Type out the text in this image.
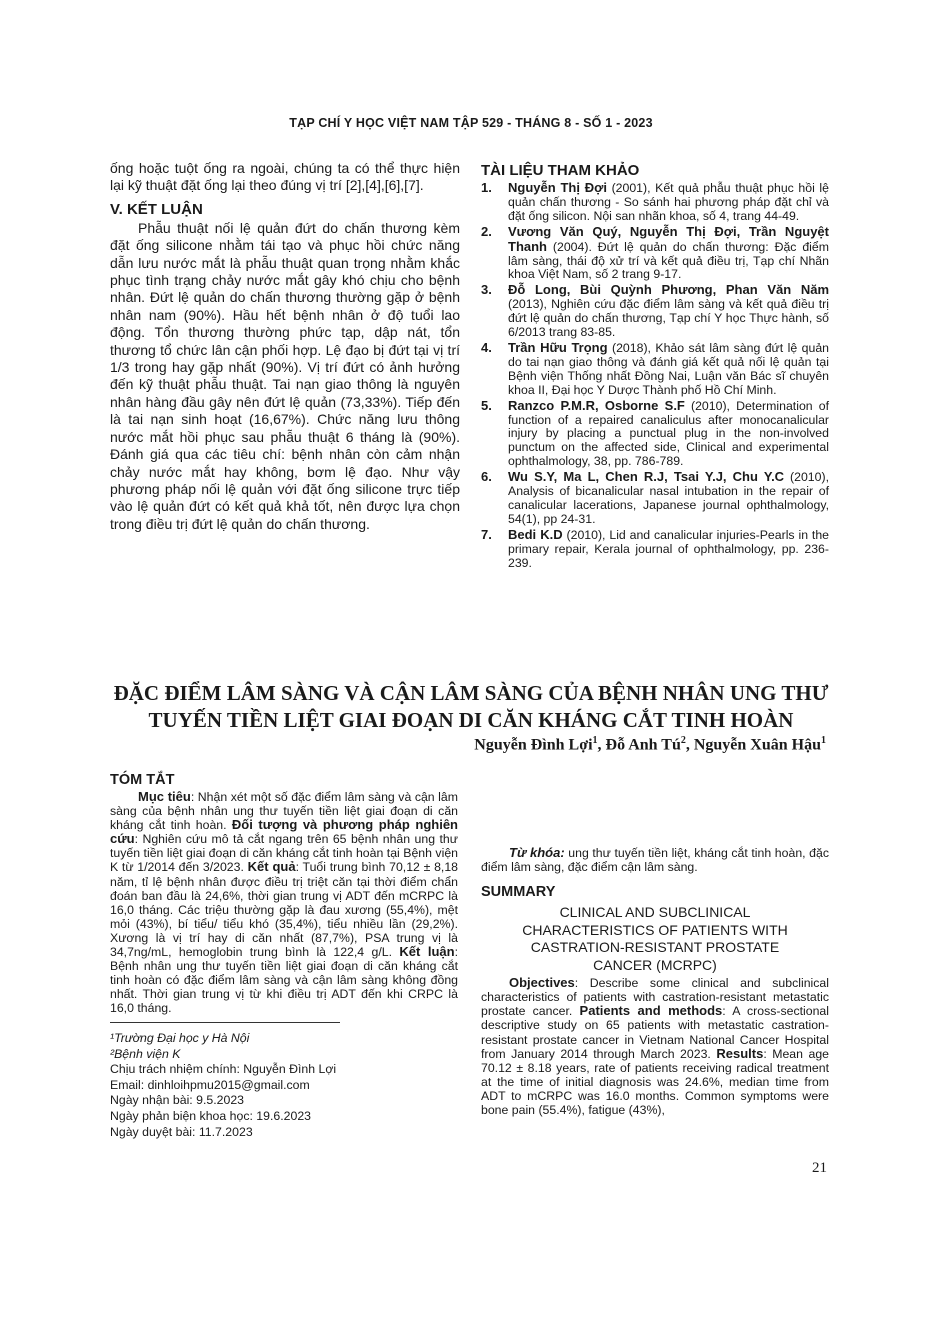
TẠP CHÍ Y HỌC VIỆT NAM TẬP 529 - THÁNG 8 - SỐ 1 - 2023
ống hoặc tuột ống ra ngoài, chúng ta có thể thực hiện lại kỹ thuật đặt ống lại theo đúng vị trí [2],[4],[6],[7].
V. KẾT LUẬN
Phẫu thuật nối lệ quản đứt do chấn thương kèm đặt ống silicone nhằm tái tạo và phục hồi chức năng dẫn lưu nước mắt là phẫu thuật quan trọng nhằm khắc phục tình trạng chảy nước mắt gây khó chịu cho bệnh nhân. Đứt lệ quản do chấn thương thường gặp ở bệnh nhân nam (90%). Hầu hết bệnh nhân ở độ tuổi lao động. Tổn thương thường phức tạp, dập nát, tổn thương tổ chức lân cận phối hợp. Lệ đạo bị đứt tại vị trí 1/3 trong hay gặp nhất (90%). Vị trí đứt có ảnh hưởng đến kỹ thuật phẫu thuật. Tai nạn giao thông là nguyên nhân hàng đầu gây nên đứt lệ quản (73,33%). Tiếp đến là tai nạn sinh hoạt (16,67%). Chức năng lưu thông nước mắt hồi phục sau phẫu thuật 6 tháng là (90%). Đánh giá qua các tiêu chí: bệnh nhân còn cảm nhận chảy nước mắt hay không, bơm lệ đạo. Như vậy phương pháp nối lệ quản với đặt ống silicone trực tiếp vào lệ quản đứt có kết quả khả tốt, nên được lựa chọn trong điều trị đứt lệ quản do chấn thương.
TÀI LIỆU THAM KHẢO
1. Nguyễn Thị Đợi (2001), Kết quả phẫu thuật phục hồi lệ quản chấn thương - So sánh hai phương pháp đặt chỉ và đặt ống silicon. Nội san nhãn khoa, số 4, trang 44-49.
2. Vương Văn Quý, Nguyễn Thị Đợi, Trần Nguyệt Thanh (2004). Đứt lệ quản do chấn thương: Đặc điểm lâm sàng, thái độ xử trí và kết quả điều trị, Tạp chí Nhãn khoa Việt Nam, số 2 trang 9-17.
3. Đỗ Long, Bùi Quỳnh Phương, Phan Văn Năm (2013), Nghiên cứu đặc điểm lâm sàng và kết quả điều trị đứt lệ quản do chấn thương, Tạp chí Y học Thực hành, số 6/2013 trang 83-85.
4. Trần Hữu Trọng (2018), Khảo sát lâm sàng đứt lệ quản do tai nạn giao thông và đánh giá kết quả nối lệ quản tại Bệnh viện Thống nhất Đồng Nai, Luận văn Bác sĩ chuyên khoa II, Đại học Y Dược Thành phố Hồ Chí Minh.
5. Ranzco P.M.R, Osborne S.F (2010), Determination of function of a repaired canaliculus after monocanalicular injury by placing a punctual plug in the non-involved punctum on the affected side, Clinical and experimental ophthalmology, 38, pp. 786-789.
6. Wu S.Y, Ma L, Chen R.J, Tsai Y.J, Chu Y.C (2010), Analysis of bicanalicular nasal intubation in the repair of canalicular lacerations, Japanese journal ophthalmology, 54(1), pp 24-31.
7. Bedi K.D (2010), Lid and canalicular injuries-Pearls in the primary repair, Kerala journal of ophthalmology, pp. 236-239.
ĐẶC ĐIỂM LÂM SÀNG VÀ CẬN LÂM SÀNG CỦA BỆNH NHÂN UNG THƯ
TUYẾN TIỀN LIỆT GIAI ĐOẠN DI CĂN KHÁNG CẮT TINH HOÀN
Nguyễn Đình Lợi$^1$, Đỗ Anh $Tú^2$, Nguyễn Xuân Hậu$^1$
TÓM TẮT
Mục tiêu: Nhận xét một số đặc điểm lâm sàng và cận lâm sàng của bệnh nhân ung thư tuyến tiền liệt giai đoạn di căn kháng cắt tinh hoàn. Đối tượng và phương pháp nghiên cứu: Nghiên cứu mô tả cắt ngang trên 65 bệnh nhân ung thư tuyến tiền liệt giai đoạn di căn kháng cắt tinh hoàn tại Bệnh viện K từ 1/2014 đến 3/2023. Kết quả: Tuổi trung bình 70,12 ± 8,18 năm, tỉ lệ bệnh nhân được điều trị triệt căn tại thời điểm chẩn đoán ban đầu là 24,6%, thời gian trung vị ADT đến mCRPC là 16,0 tháng. Các triệu thường gặp là đau xương (55,4%), mệt mỏi (43%), bí tiểu/ tiểu khó (35,4%), tiểu nhiều lần (29,2%). Xương là vị trí hay di căn nhất (87,7%), PSA trung vị là 34,7ng/mL, hemoglobin trung bình là 122,4 g/L. Kết luận: Bệnh nhân ung thư tuyến tiền liệt giai đoạn di căn kháng cắt tinh hoàn có đặc điểm lâm sàng và cận lâm sàng không đồng nhất. Thời gian trung vị từ khi điều trị ADT đến khi CRPC là 16,0 tháng.
Từ khóa: ung thư tuyến tiền liệt, kháng cắt tinh hoàn, đặc điểm lâm sàng, đặc điểm cận lâm sàng.
SUMMARY
CLINICAL AND SUBCLINICAL
CHARACTERISTICS OF PATIENTS WITH
CASTRATION-RESISTANT PROSTATE
CANCER (MCRPC)
Objectives: Describe some clinical and subclinical characteristics of patients with castration-resistant metastatic prostate cancer. Patients and methods: A cross-sectional descriptive study on 65 patients with metastatic castration-resistant prostate cancer in Vietnam National Cancer Hospital from January 2014 through March 2023. Results: Mean age 70.12 ± 8.18 years, rate of patients receiving radical treatment at the time of initial diagnosis was 24.6%, median time from ADT to mCRPC was 16.0 months. Common symptoms were bone pain (55.4%), fatigue (43%),
¹Trường Đại học y Hà Nội
²Bệnh viện K
Chịu trách nhiệm chính: Nguyễn Đình Lợi
Email: dinhloihpmu2015@gmail.com
Ngày nhận bài: 9.5.2023
Ngày phản biện khoa học: 19.6.2023
Ngày duyệt bài: 11.7.2023
21
